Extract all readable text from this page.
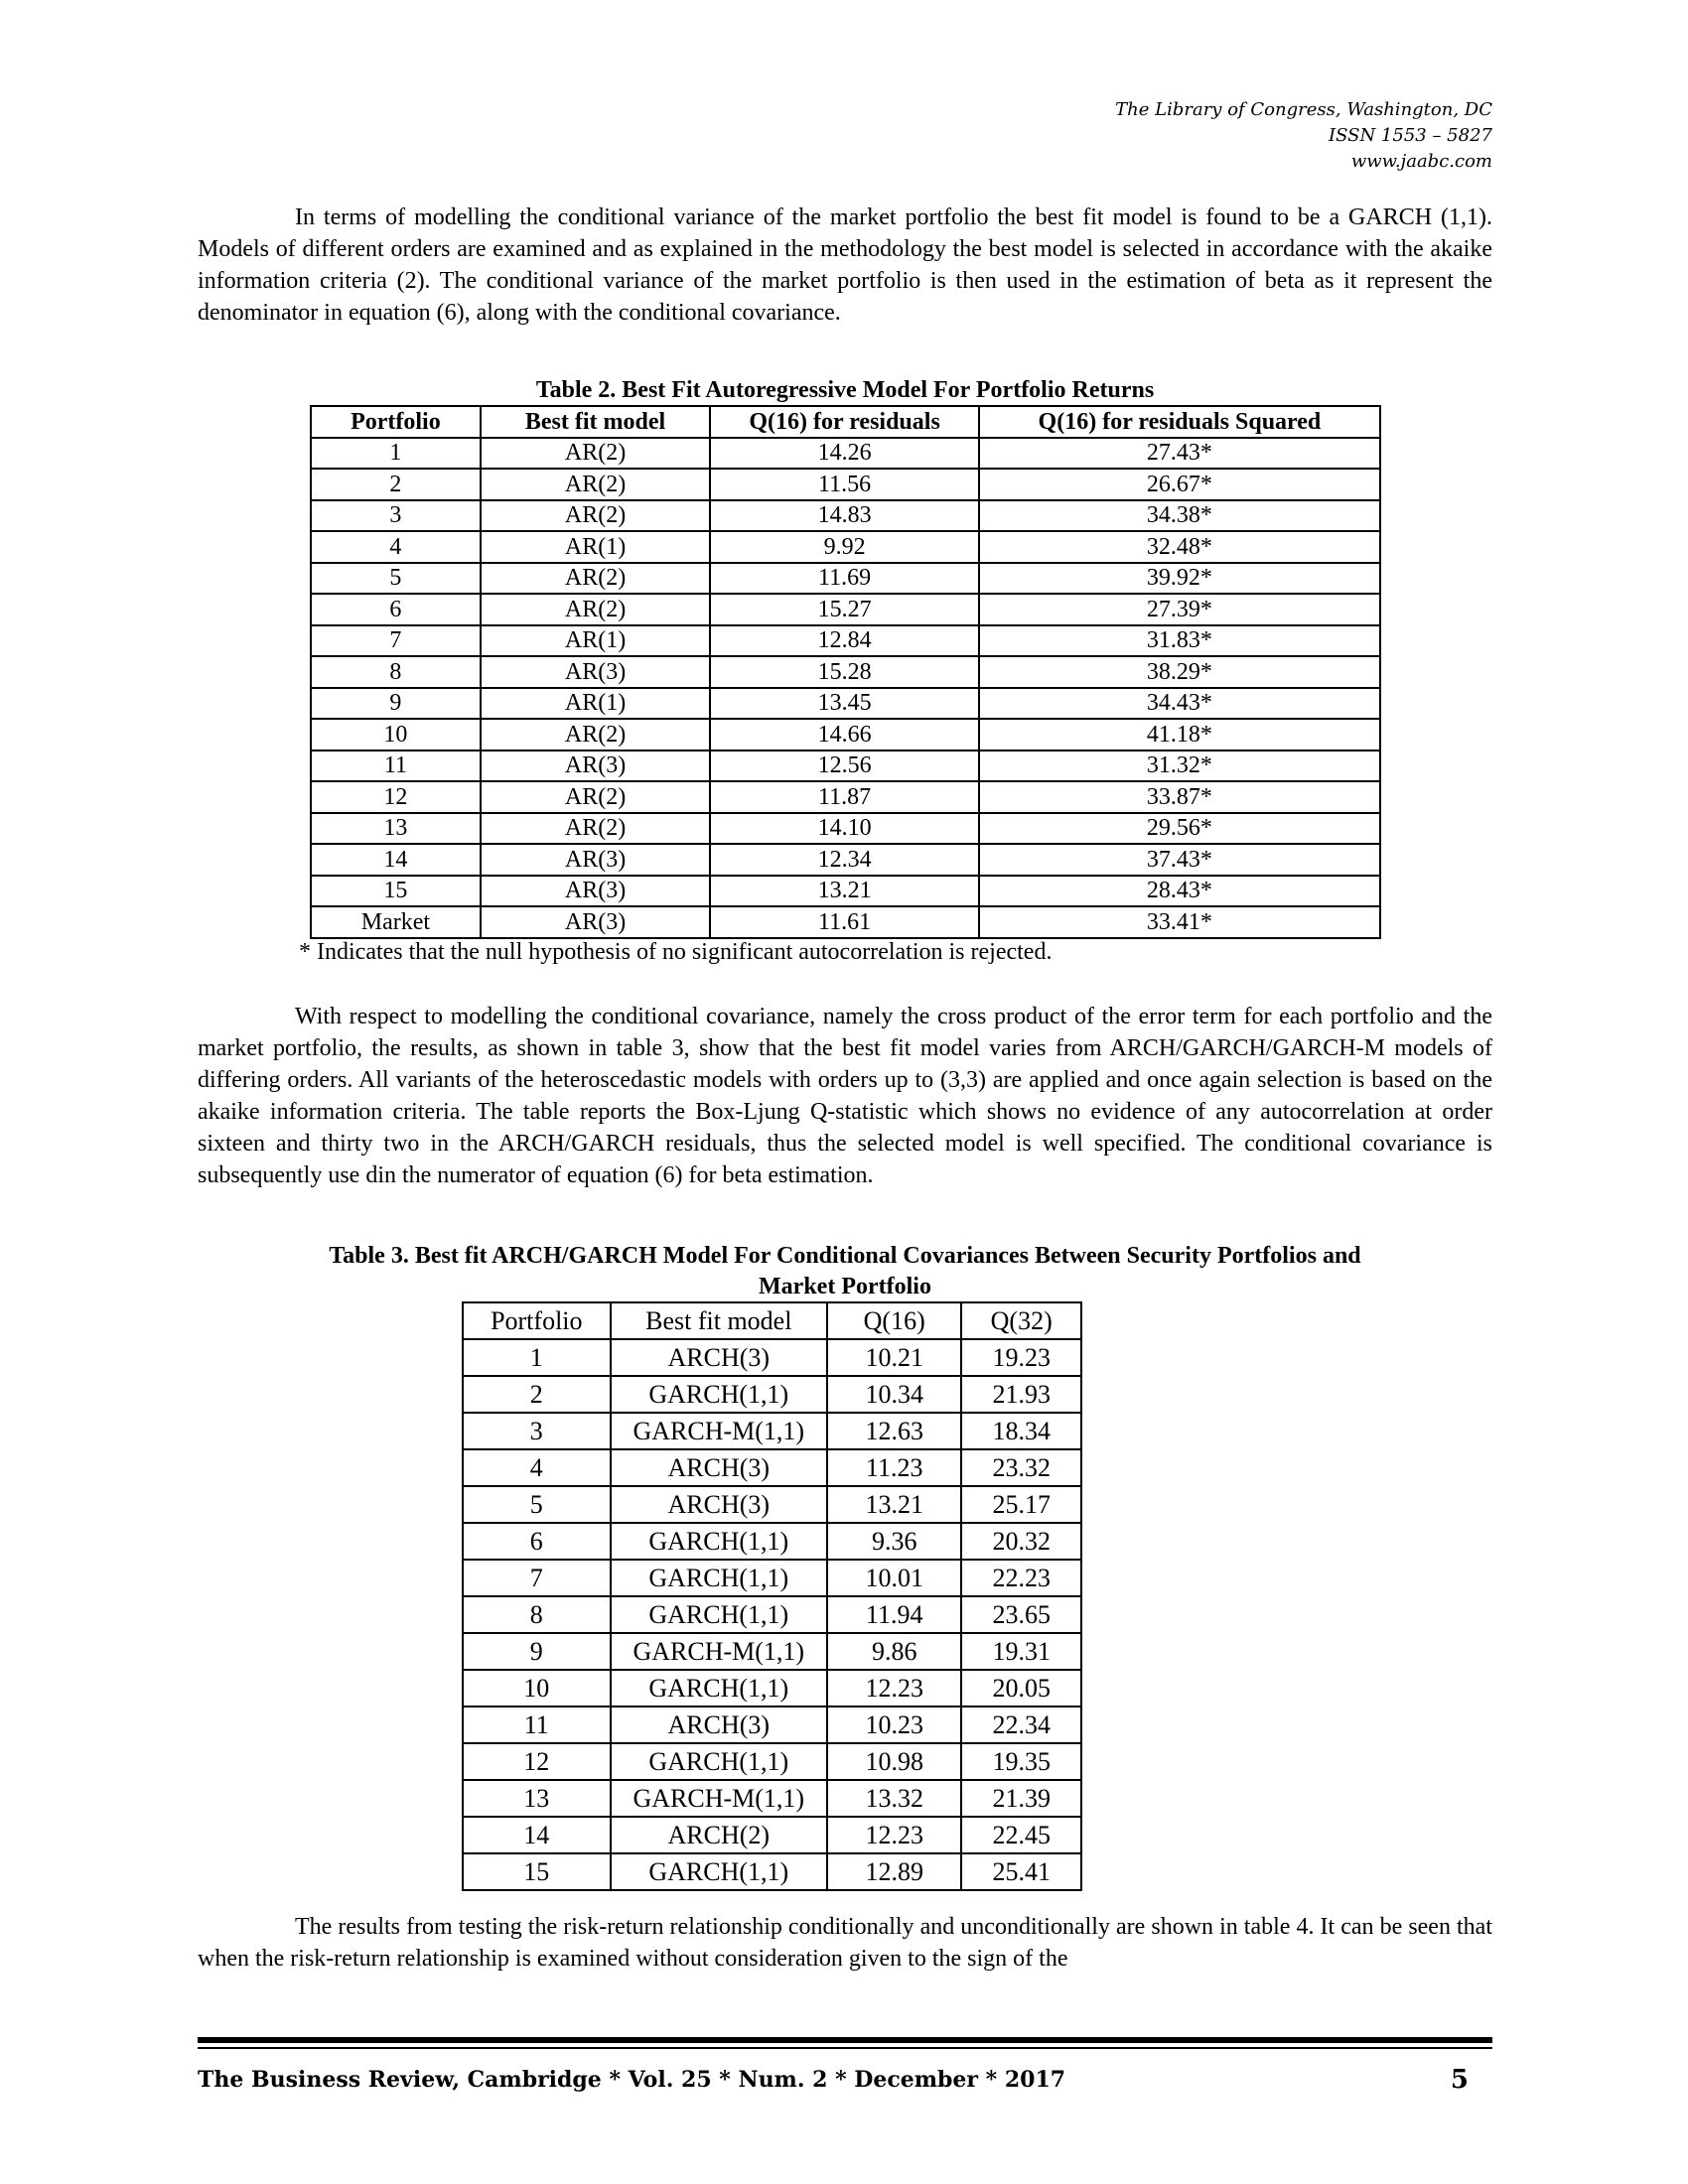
The Library of Congress, Washington, DC
ISSN 1553 – 5827
www.jaabc.com

In terms of modelling the conditional variance of the market portfolio the best fit model is found to be a GARCH (1,1). Models of different orders are examined and as explained in the methodology the best model is selected in accordance with the akaike information criteria (2). The conditional variance of the market portfolio is then used in the estimation of beta as it represent the denominator in equation (6), along with the conditional covariance.

Table 2. Best Fit Autoregressive Model For Portfolio Returns
Portfolio	Best fit model	Q(16) for residuals	Q(16) for residuals Squared
1	AR(2)	14.26	27.43*
2	AR(2)	11.56	26.67*
3	AR(2)	14.83	34.38*
4	AR(1)	9.92	32.48*
5	AR(2)	11.69	39.92*
6	AR(2)	15.27	27.39*
7	AR(1)	12.84	31.83*
8	AR(3)	15.28	38.29*
9	AR(1)	13.45	34.43*
10	AR(2)	14.66	41.18*
11	AR(3)	12.56	31.32*
12	AR(2)	11.87	33.87*
13	AR(2)	14.10	29.56*
14	AR(3)	12.34	37.43*
15	AR(3)	13.21	28.43*
Market	AR(3)	11.61	33.41*
* Indicates that the null hypothesis of no significant autocorrelation is rejected.

With respect to modelling the conditional covariance, namely the cross product of the error term for each portfolio and the market portfolio, the results, as shown in table 3, show that the best fit model varies from ARCH/GARCH/GARCH-M models of differing orders. All variants of the heteroscedastic models with orders up to (3,3) are applied and once again selection is based on the akaike information criteria. The table reports the Box-Ljung Q-statistic which shows no evidence of any autocorrelation at order sixteen and thirty two in the ARCH/GARCH residuals, thus the selected model is well specified. The conditional covariance is subsequently use din the numerator of equation (6) for beta estimation.

Table 3. Best fit ARCH/GARCH Model For Conditional Covariances Between Security Portfolios and
Market Portfolio
Portfolio	Best fit model	Q(16)	Q(32)
1	ARCH(3)	10.21	19.23
2	GARCH(1,1)	10.34	21.93
3	GARCH-M(1,1)	12.63	18.34
4	ARCH(3)	11.23	23.32
5	ARCH(3)	13.21	25.17
6	GARCH(1,1)	9.36	20.32
7	GARCH(1,1)	10.01	22.23
8	GARCH(1,1)	11.94	23.65
9	GARCH-M(1,1)	9.86	19.31
10	GARCH(1,1)	12.23	20.05
11	ARCH(3)	10.23	22.34
12	GARCH(1,1)	10.98	19.35
13	GARCH-M(1,1)	13.32	21.39
14	ARCH(2)	12.23	22.45
15	GARCH(1,1)	12.89	25.41

The results from testing the risk-return relationship conditionally and unconditionally are shown in table 4. It can be seen that when the risk-return relationship is examined without consideration given to the sign of the

The Business Review, Cambridge * Vol. 25 * Num. 2 * December * 2017	5
